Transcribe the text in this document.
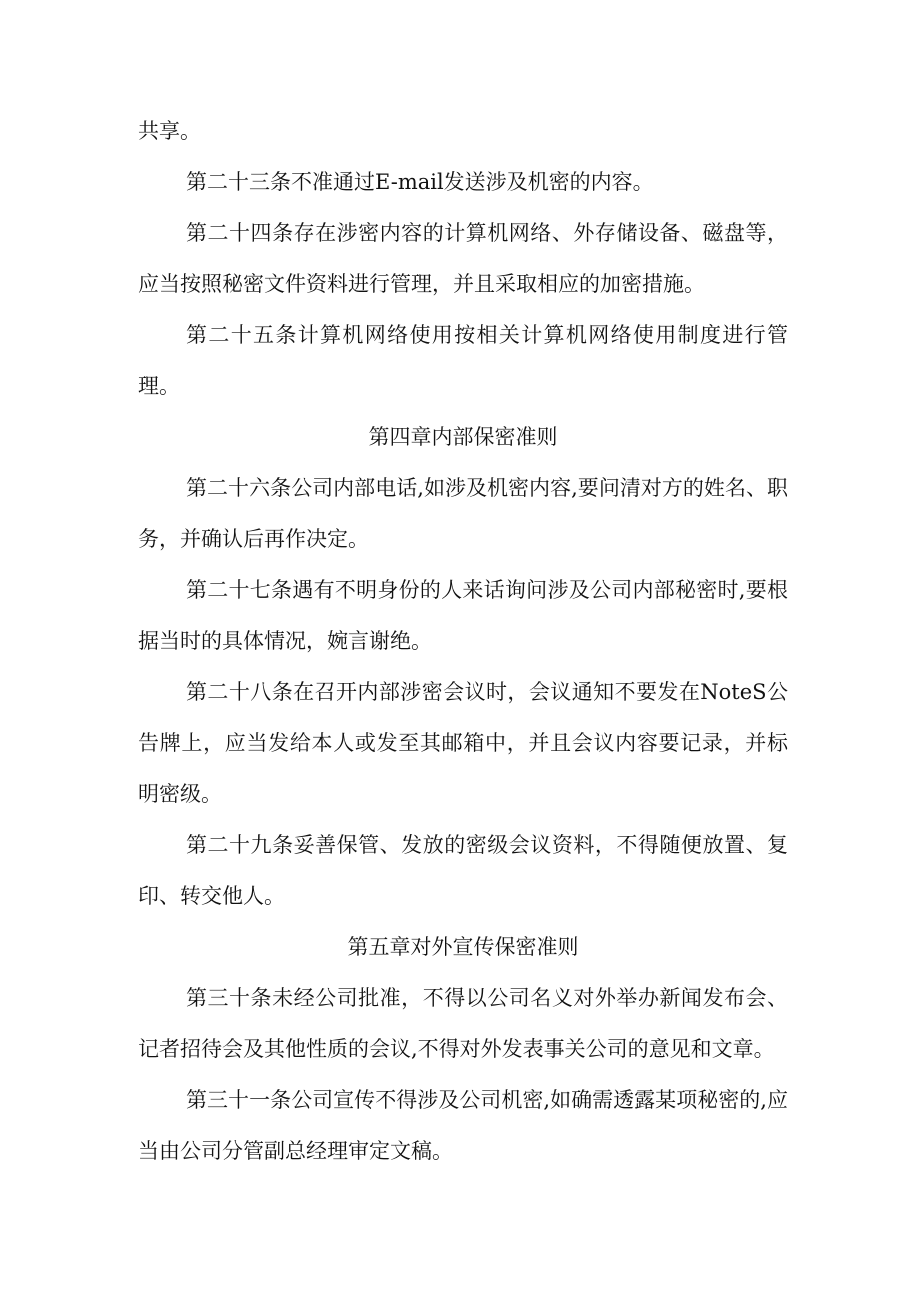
共享。

第二十三条不准通过E-mail发送涉及机密的内容。

第二十四条存在涉密内容的计算机网络、外存储设备、磁盘等，应当按照秘密文件资料进行管理，并且采取相应的加密措施。

第二十五条计算机网络使用按相关计算机网络使用制度进行管理。

第四章内部保密准则

第二十六条公司内部电话,如涉及机密内容,要问清对方的姓名、职务，并确认后再作决定。

第二十七条遇有不明身份的人来话询问涉及公司内部秘密时,要根据当时的具体情况，婉言谢绝。

第二十八条在召开内部涉密会议时，会议通知不要发在NoteS公告牌上，应当发给本人或发至其邮箱中，并且会议内容要记录，并标明密级。

第二十九条妥善保管、发放的密级会议资料，不得随便放置、复印、转交他人。

第五章对外宣传保密准则

第三十条未经公司批准，不得以公司名义对外举办新闻发布会、记者招待会及其他性质的会议,不得对外发表事关公司的意见和文章。

第三十一条公司宣传不得涉及公司机密,如确需透露某项秘密的,应当由公司分管副总经理审定文稿。
